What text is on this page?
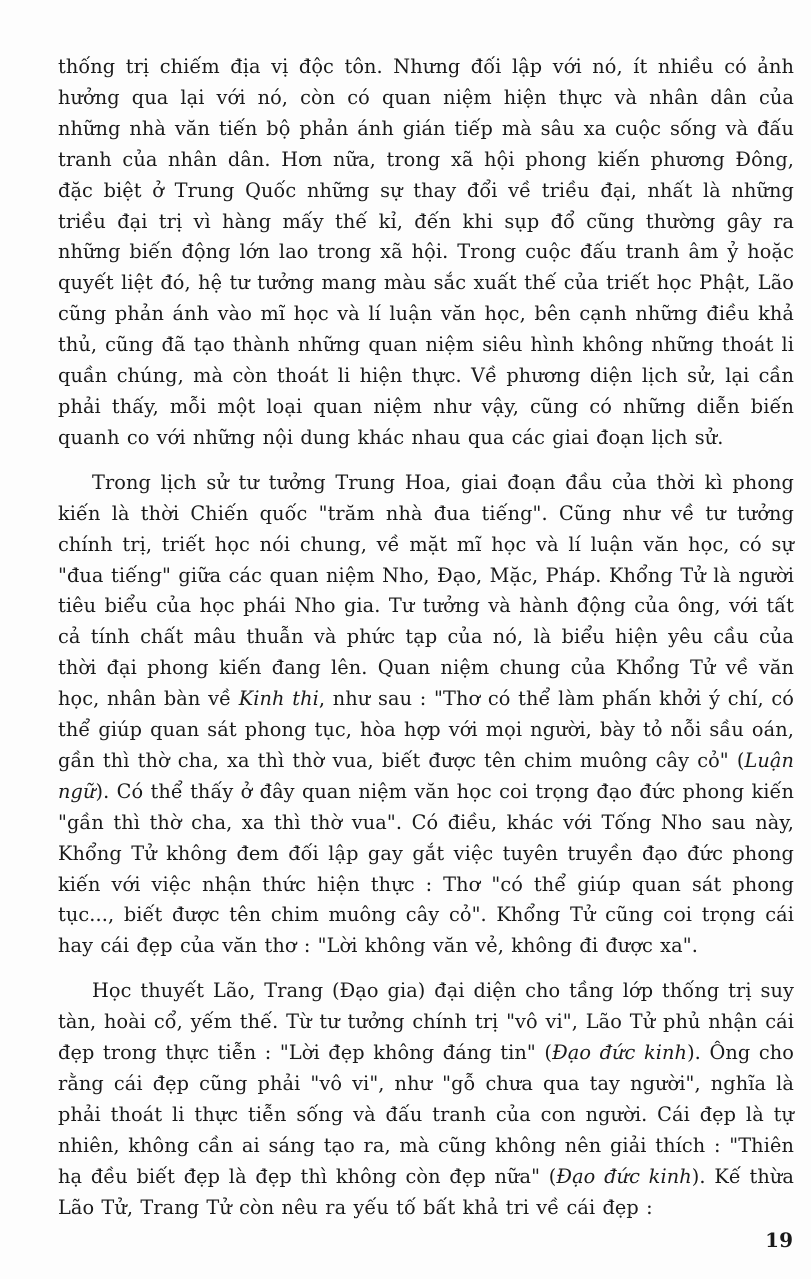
thống trị chiếm địa vị độc tôn. Nhưng đối lập với nó, ít nhiều có ảnh hưởng qua lại với nó, còn có quan niệm hiện thực và nhân dân của những nhà văn tiến bộ phản ánh gián tiếp mà sâu xa cuộc sống và đấu tranh của nhân dân. Hơn nữa, trong xã hội phong kiến phương Đông, đặc biệt ở Trung Quốc những sự thay đổi về triều đại, nhất là những triều đại trị vì hàng mấy thế kỉ, đến khi sụp đổ cũng thường gây ra những biến động lớn lao trong xã hội. Trong cuộc đấu tranh âm ỷ hoặc quyết liệt đó, hệ tư tưởng mang màu sắc xuất thế của triết học Phật, Lão cũng phản ánh vào mĩ học và lí luận văn học, bên cạnh những điều khả thủ, cũng đã tạo thành những quan niệm siêu hình không những thoát li quần chúng, mà còn thoát li hiện thực. Về phương diện lịch sử, lại cần phải thấy, mỗi một loại quan niệm như vậy, cũng có những diễn biến quanh co với những nội dung khác nhau qua các giai đoạn lịch sử.

Trong lịch sử tư tưởng Trung Hoa, giai đoạn đầu của thời kì phong kiến là thời Chiến quốc "trăm nhà đua tiếng". Cũng như về tư tưởng chính trị, triết học nói chung, về mặt mĩ học và lí luận văn học, có sự "đua tiếng" giữa các quan niệm Nho, Đạo, Mặc, Pháp. Khổng Tử là người tiêu biểu của học phái Nho gia. Tư tưởng và hành động của ông, với tất cả tính chất mâu thuẫn và phức tạp của nó, là biểu hiện yêu cầu của thời đại phong kiến đang lên. Quan niệm chung của Khổng Tử về văn học, nhân bàn về Kinh thi, như sau : "Thơ có thể làm phấn khởi ý chí, có thể giúp quan sát phong tục, hòa hợp với mọi người, bày tỏ nỗi sầu oán, gần thì thờ cha, xa thì thờ vua, biết được tên chim muông cây cỏ" (Luận ngữ). Có thể thấy ở đây quan niệm văn học coi trọng đạo đức phong kiến "gần thì thờ cha, xa thì thờ vua". Có điều, khác với Tống Nho sau này, Khổng Tử không đem đối lập gay gắt việc tuyên truyền đạo đức phong kiến với việc nhận thức hiện thực : Thơ "có thể giúp quan sát phong tục..., biết được tên chim muông cây cỏ". Khổng Tử cũng coi trọng cái hay cái đẹp của văn thơ : "Lời không văn vẻ, không đi được xa".

Học thuyết Lão, Trang (Đạo gia) đại diện cho tầng lớp thống trị suy tàn, hoài cổ, yếm thế. Từ tư tưởng chính trị "vô vi", Lão Tử phủ nhận cái đẹp trong thực tiễn : "Lời đẹp không đáng tin" (Đạo đức kinh). Ông cho rằng cái đẹp cũng phải "vô vi", như "gỗ chưa qua tay người", nghĩa là phải thoát li thực tiễn sống và đấu tranh của con người. Cái đẹp là tự nhiên, không cần ai sáng tạo ra, mà cũng không nên giải thích : "Thiên hạ đều biết đẹp là đẹp thì không còn đẹp nữa" (Đạo đức kinh). Kế thừa Lão Tử, Trang Tử còn nêu ra yếu tố bất khả tri về cái đẹp :

19
